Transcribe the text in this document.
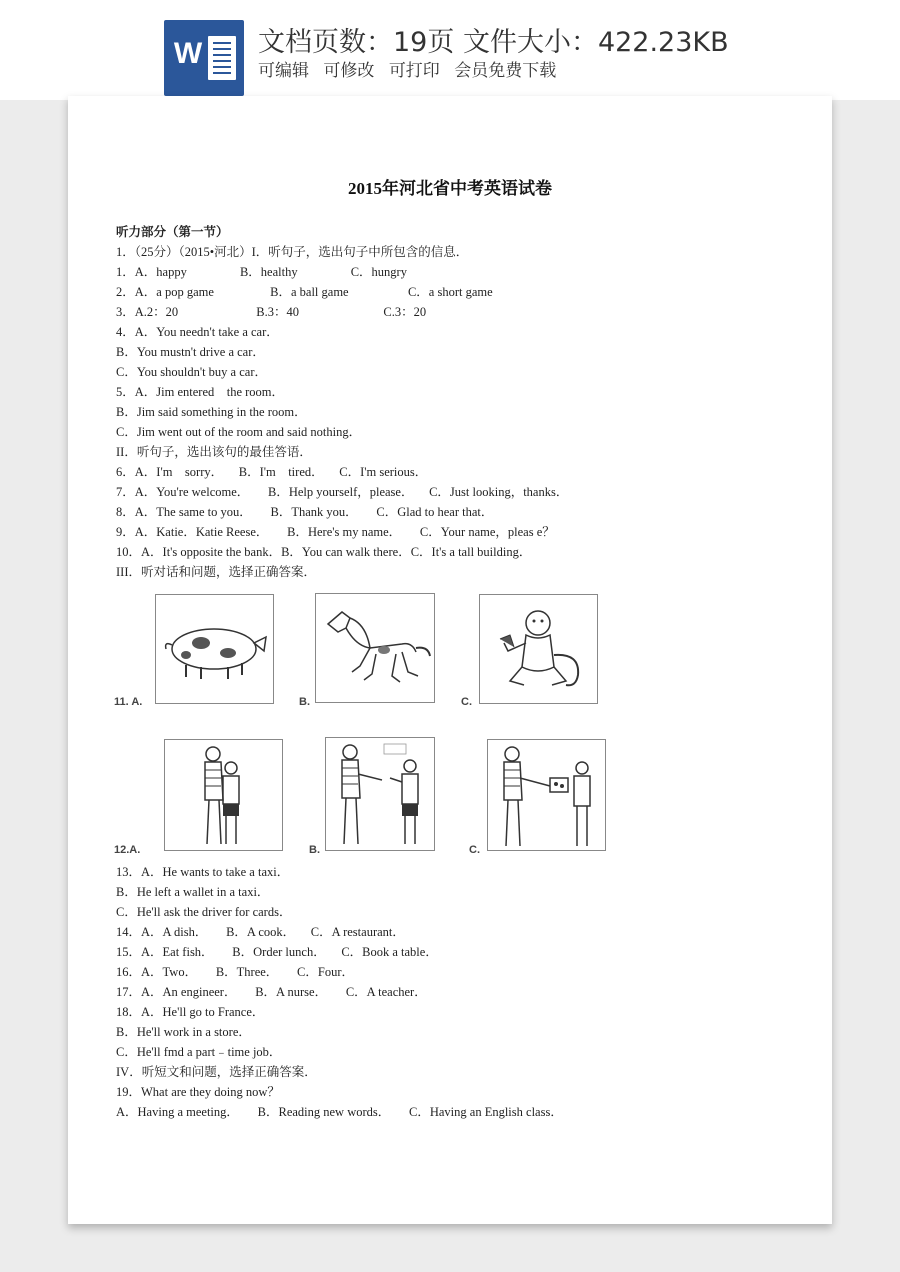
W 文档页数：19页 文件大小：422.23KB
可编辑 可修改 可打印 会员免费下载
2015年河北省中考英语试卷
听力部分（第一节）
1．（25分）（2015•河北）I．听句子，选出句子中所包含的信息．
1．A．happy                 B．healthy                 C．hungry
2．A．a pop game                  B．a ball game                   C．a short game
3．A.2：20                         B.3：40                           C.3：20
4．A．You needn't take a car．
B．You mustn't drive a car．
C．You shouldn't buy a car．
5．A．Jim entered    the room．
B．Jim said something in the room．
C．Jim went out of the room and said nothing．
II．听句子，选出该句的最佳答语．
6．A．I'm    sorry．     B．I'm    tired．     C．I'm serious．
7．A．You're welcome．      B．Help yourself，please．     C．Just looking，thanks．
8．A．The same to you．      B．Thank you．      C．Glad to hear that．
9．A．Katie．Katie Reese．      B．Here's my name．      C．Your name，pleas e？
10．A．It's opposite the bank．B．You can walk there．C．It's a tall building．
III．听对话和问题，选择正确答案．
11. A.	B.	C.
12.A.	B.	C.
13．A．He wants to take a taxi．
B．He left a wallet in a taxi．
C．He'll ask the driver for cards．
14．A．A dish．      B．A cook．     C．A restaurant．
15．A．Eat fish．      B．Order lunch．     C．Book a table．
16．A．Two．      B．Three．      C．Four．
17．A．An engineer．      B．A nurse．      C．A teacher．
18．A．He'll go to France．
B．He'll work in a store．
C．He'll fmd a part﹣time job．
IV．听短文和问题，选择正确答案．
19．What are they doing now？
A．Having a meeting．      B．Reading new words．      C．Having an English class．
